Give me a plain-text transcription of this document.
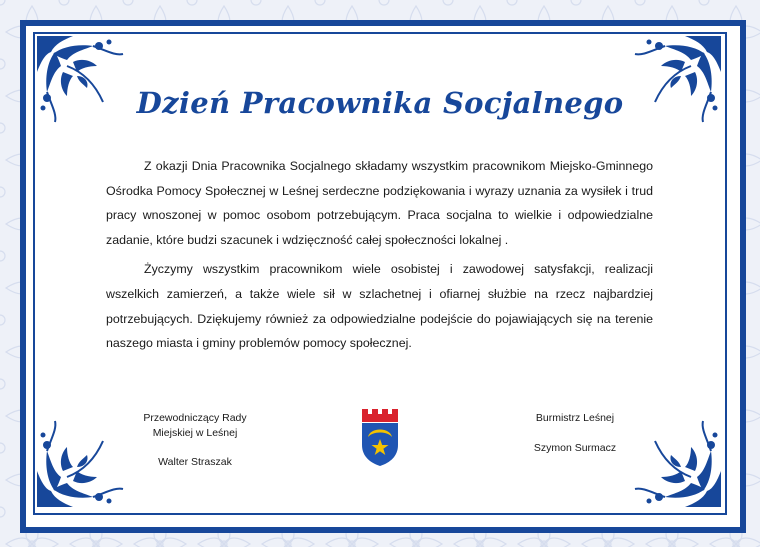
Dzień Pracownika Socjalnego

Z okazji Dnia Pracownika Socjalnego składamy wszystkim pracownikom Miejsko-Gminnego Ośrodka Pomocy Społecznej w Leśnej serdeczne podziękowania i wyrazy uznania za wysiłek i trud pracy wnoszonej w pomoc osobom potrzebującym. Praca socjalna to wielkie i odpowiedzialne zadanie, które budzi szacunek i wdzięczność całej społeczności lokalnej .

Życzymy wszystkim pracownikom wiele osobistej i zawodowej satysfakcji, realizacji wszelkich zamierzeń, a także wiele sił w szlachetnej i ofiarnej służbie na rzecz najbardziej potrzebujących. Dziękujemy również za odpowiedzialne podejście do pojawiających się na terenie naszego miasta i gminy problemów pomocy społecznej.

Przewodniczący Rady
Miejskiej w Leśnej
Walter Straszak
Burmistrz Leśnej
Szymon Surmacz
